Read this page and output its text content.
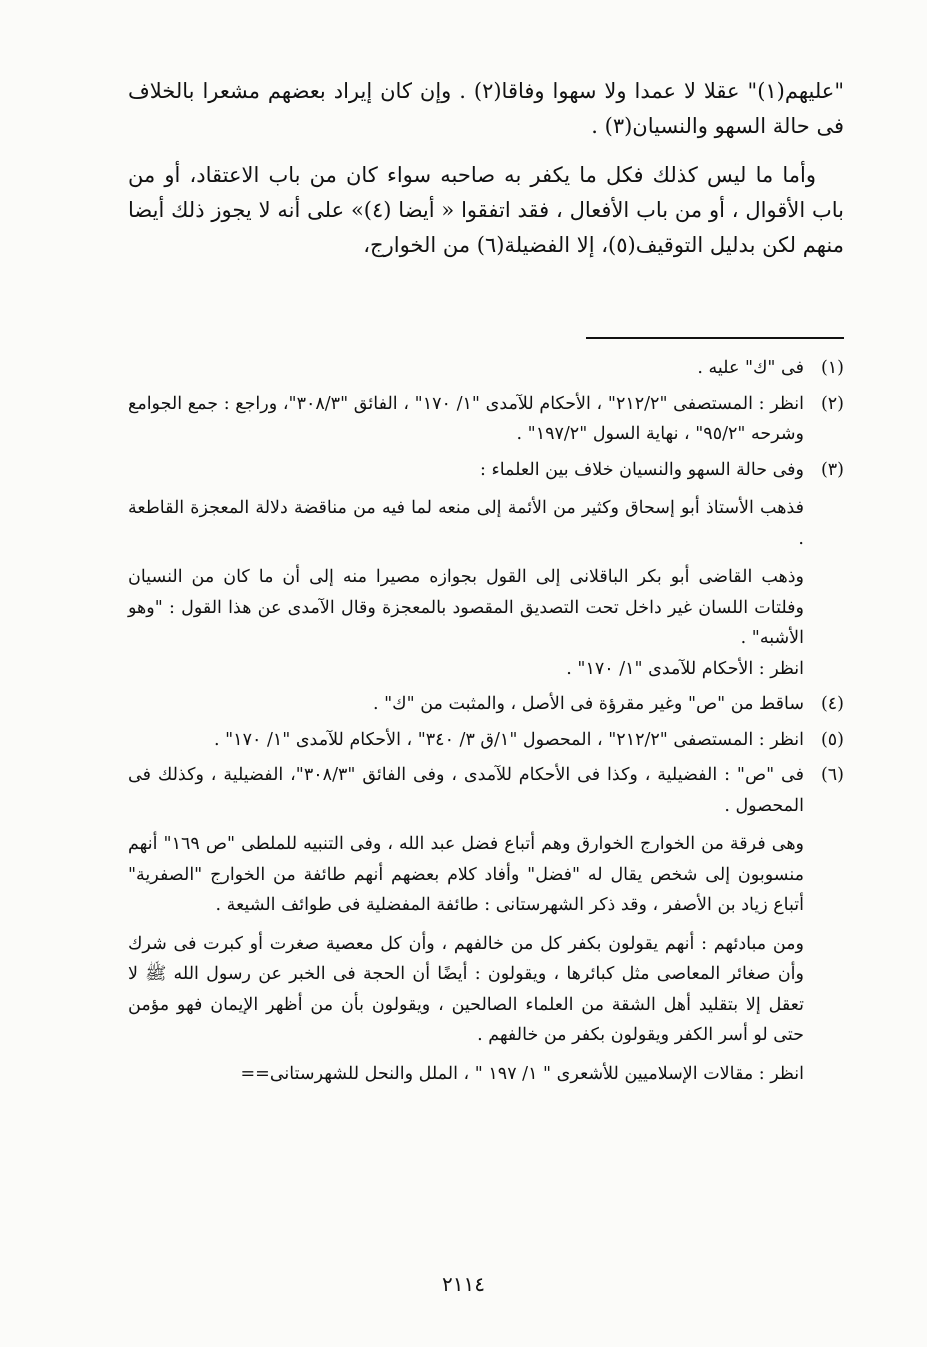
"عليهم(١)" عقلا لا عمدا ولا سهوا وفاقا(٢) . وإن كان إيراد بعضهم مشعرا بالخلاف فى حالة السهو والنسيان(٣) .

وأما ما ليس كذلك فكل ما يكفر به صاحبه سواء كان من باب الاعتقاد، أو من باب الأقوال ، أو من باب الأفعال ، فقد اتفقوا « أيضا (٤)» على أنه لا يجوز ذلك أيضا منهم لكن بدليل التوقيف(٥)، إلا الفضيلة(٦) من الخوارج،

(١)

فى "ك" عليه .

(٢)

انظر : المستصفى "٢١٢/٢" ، الأحكام للآمدى "١/ ١٧٠" ، الفائق "٣٠٨/٣"، وراجع : جمع الجوامع وشرحه "٩٥/٢" ، نهاية السول "١٩٧/٢" .

(٣)

وفى حالة السهو والنسيان خلاف بين العلماء :

فذهب الأستاذ أبو إسحاق وكثير من الأئمة إلى منعه لما فيه من مناقضة دلالة المعجزة القاطعة .

وذهب القاضى أبو بكر الباقلانى إلى القول بجوازه مصيرا منه إلى أن ما كان من النسيان وفلتات اللسان غير داخل تحت التصديق المقصود بالمعجزة وقال الآمدى عن هذا القول : "وهو الأشبه" .

انظر : الأحكام للآمدى "١/ ١٧٠" .

(٤)

ساقط من "ص" وغير مقرؤة فى الأصل ، والمثبت من "ك" .

(٥)

انظر : المستصفى "٢١٢/٢" ، المحصول "١/ق ٣/ ٣٤٠" ، الأحكام للآمدى "١/ ١٧٠" .

(٦)

فى "ص" : الفضيلية ، وكذا فى الأحكام للآمدى ، وفى الفائق "٣٠٨/٣"، الفضيلية ، وكذلك فى المحصول .

وهى فرقة من الخوارج الخوارق وهم أتباع فضل عبد الله ، وفى التنبيه للملطى "ص ١٦٩" أنهم منسوبون إلى شخص يقال له "فضل" وأفاد كلام بعضهم أنهم طائفة من الخوارج "الصفرية" أتباع زياد بن الأصفر ، وقد ذكر الشهرستانى : طائفة المفضلية فى طوائف الشيعة .

ومن مبادئهم : أنهم يقولون بكفر كل من خالفهم ، وأن كل معصية صغرت أو كبرت فى شرك وأن صغائر المعاصى مثل كبائرها ، ويقولون : أيضًا أن الحجة فى الخبر عن رسول الله ﷺ لا تعقل إلا بتقليد أهل الشقة من العلماء الصالحين ، ويقولون بأن من أظهر الإيمان فهو مؤمن حتى لو أسر الكفر ويقولون بكفر من خالفهم .

انظر : مقالات الإسلاميين للأشعرى " ١/ ١٩٧ " ، الملل والنحل للشهرستانى==

٢١١٤
